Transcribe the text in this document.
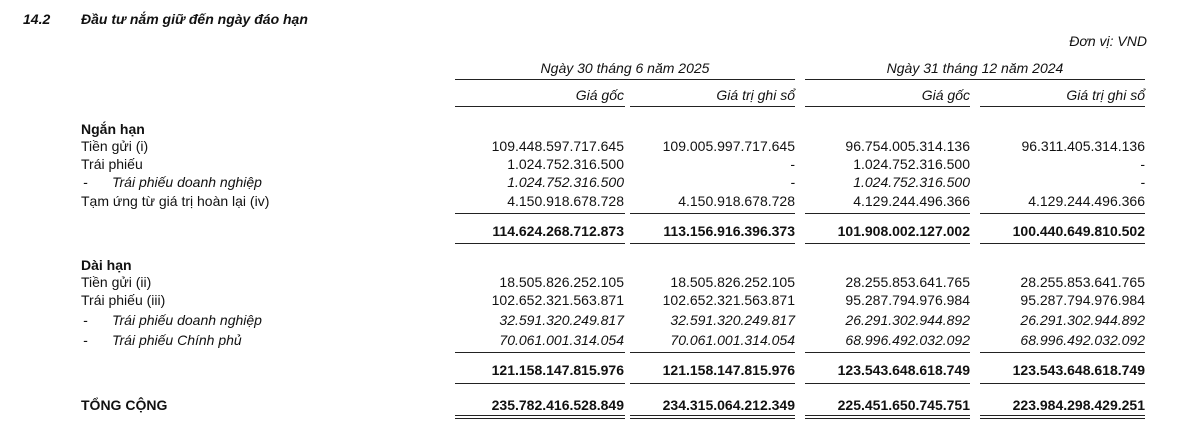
14.2 Đầu tư nắm giữ đến ngày đáo hạn
Đơn vị: VND
Ngày 30 tháng 6 năm 2025	Ngày 31 tháng 12 năm 2024
Giá gốc	Giá trị ghi sổ	Giá gốc	Giá trị ghi sổ
Ngắn hạn
Tiền gửi (i)	109.448.597.717.645	109.005.997.717.645	96.754.005.314.136	96.311.405.314.136
Trái phiếu	1.024.752.316.500	-	1.024.752.316.500	-
- Trái phiếu doanh nghiệp	1.024.752.316.500	-	1.024.752.316.500	-
Tạm ứng từ giá trị hoàn lại (iv)	4.150.918.678.728	4.150.918.678.728	4.129.244.496.366	4.129.244.496.366
114.624.268.712.873	113.156.916.396.373	101.908.002.127.002	100.440.649.810.502
Dài hạn
Tiền gửi (ii)	18.505.826.252.105	18.505.826.252.105	28.255.853.641.765	28.255.853.641.765
Trái phiếu (iii)	102.652.321.563.871	102.652.321.563.871	95.287.794.976.984	95.287.794.976.984
- Trái phiếu doanh nghiệp	32.591.320.249.817	32.591.320.249.817	26.291.302.944.892	26.291.302.944.892
- Trái phiếu Chính phủ	70.061.001.314.054	70.061.001.314.054	68.996.492.032.092	68.996.492.032.092
121.158.147.815.976	121.158.147.815.976	123.543.648.618.749	123.543.648.618.749
TỔNG CỘNG	235.782.416.528.849	234.315.064.212.349	225.451.650.745.751	223.984.298.429.251
